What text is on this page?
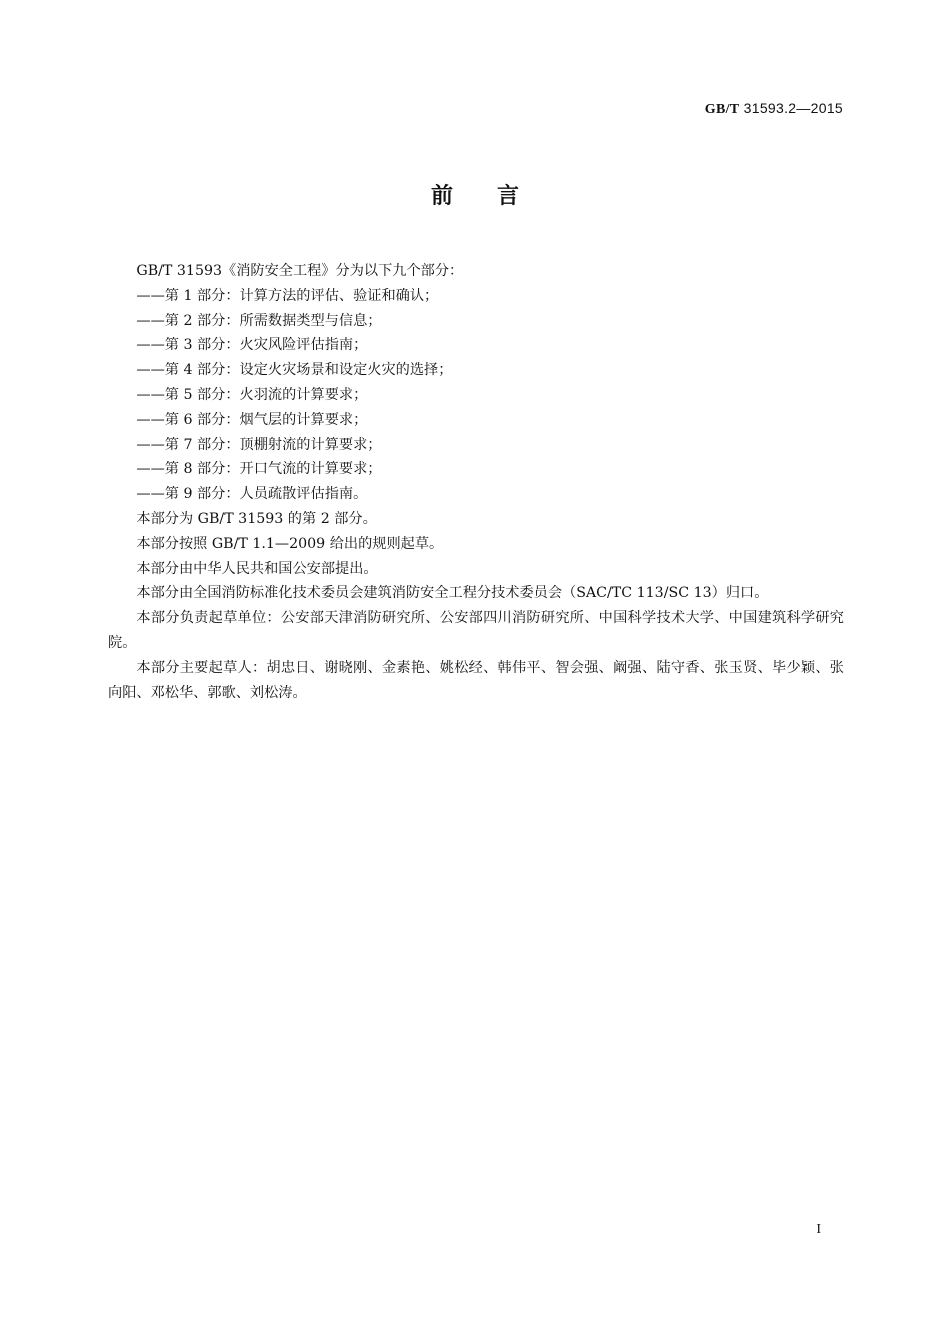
GB/T 31593.2—2015
前　　言

GB/T 31593《消防安全工程》分为以下九个部分：

——第 1 部分：计算方法的评估、验证和确认；

——第 2 部分：所需数据类型与信息；

——第 3 部分：火灾风险评估指南；

——第 4 部分：设定火灾场景和设定火灾的选择；

——第 5 部分：火羽流的计算要求；

——第 6 部分：烟气层的计算要求；

——第 7 部分：顶棚射流的计算要求；

——第 8 部分：开口气流的计算要求；

——第 9 部分：人员疏散评估指南。

本部分为 GB/T 31593 的第 2 部分。

本部分按照 GB/T 1.1—2009 给出的规则起草。

本部分由中华人民共和国公安部提出。

本部分由全国消防标准化技术委员会建筑消防安全工程分技术委员会（SAC/TC 113/SC 13）归口。

本部分负责起草单位：公安部天津消防研究所、公安部四川消防研究所、中国科学技术大学、中国建筑科学研究院。

本部分主要起草人：胡忠日、谢晓刚、金素艳、姚松经、韩伟平、智会强、阚强、陆守香、张玉贤、毕少颖、张向阳、邓松华、郭歌、刘松涛。

I
